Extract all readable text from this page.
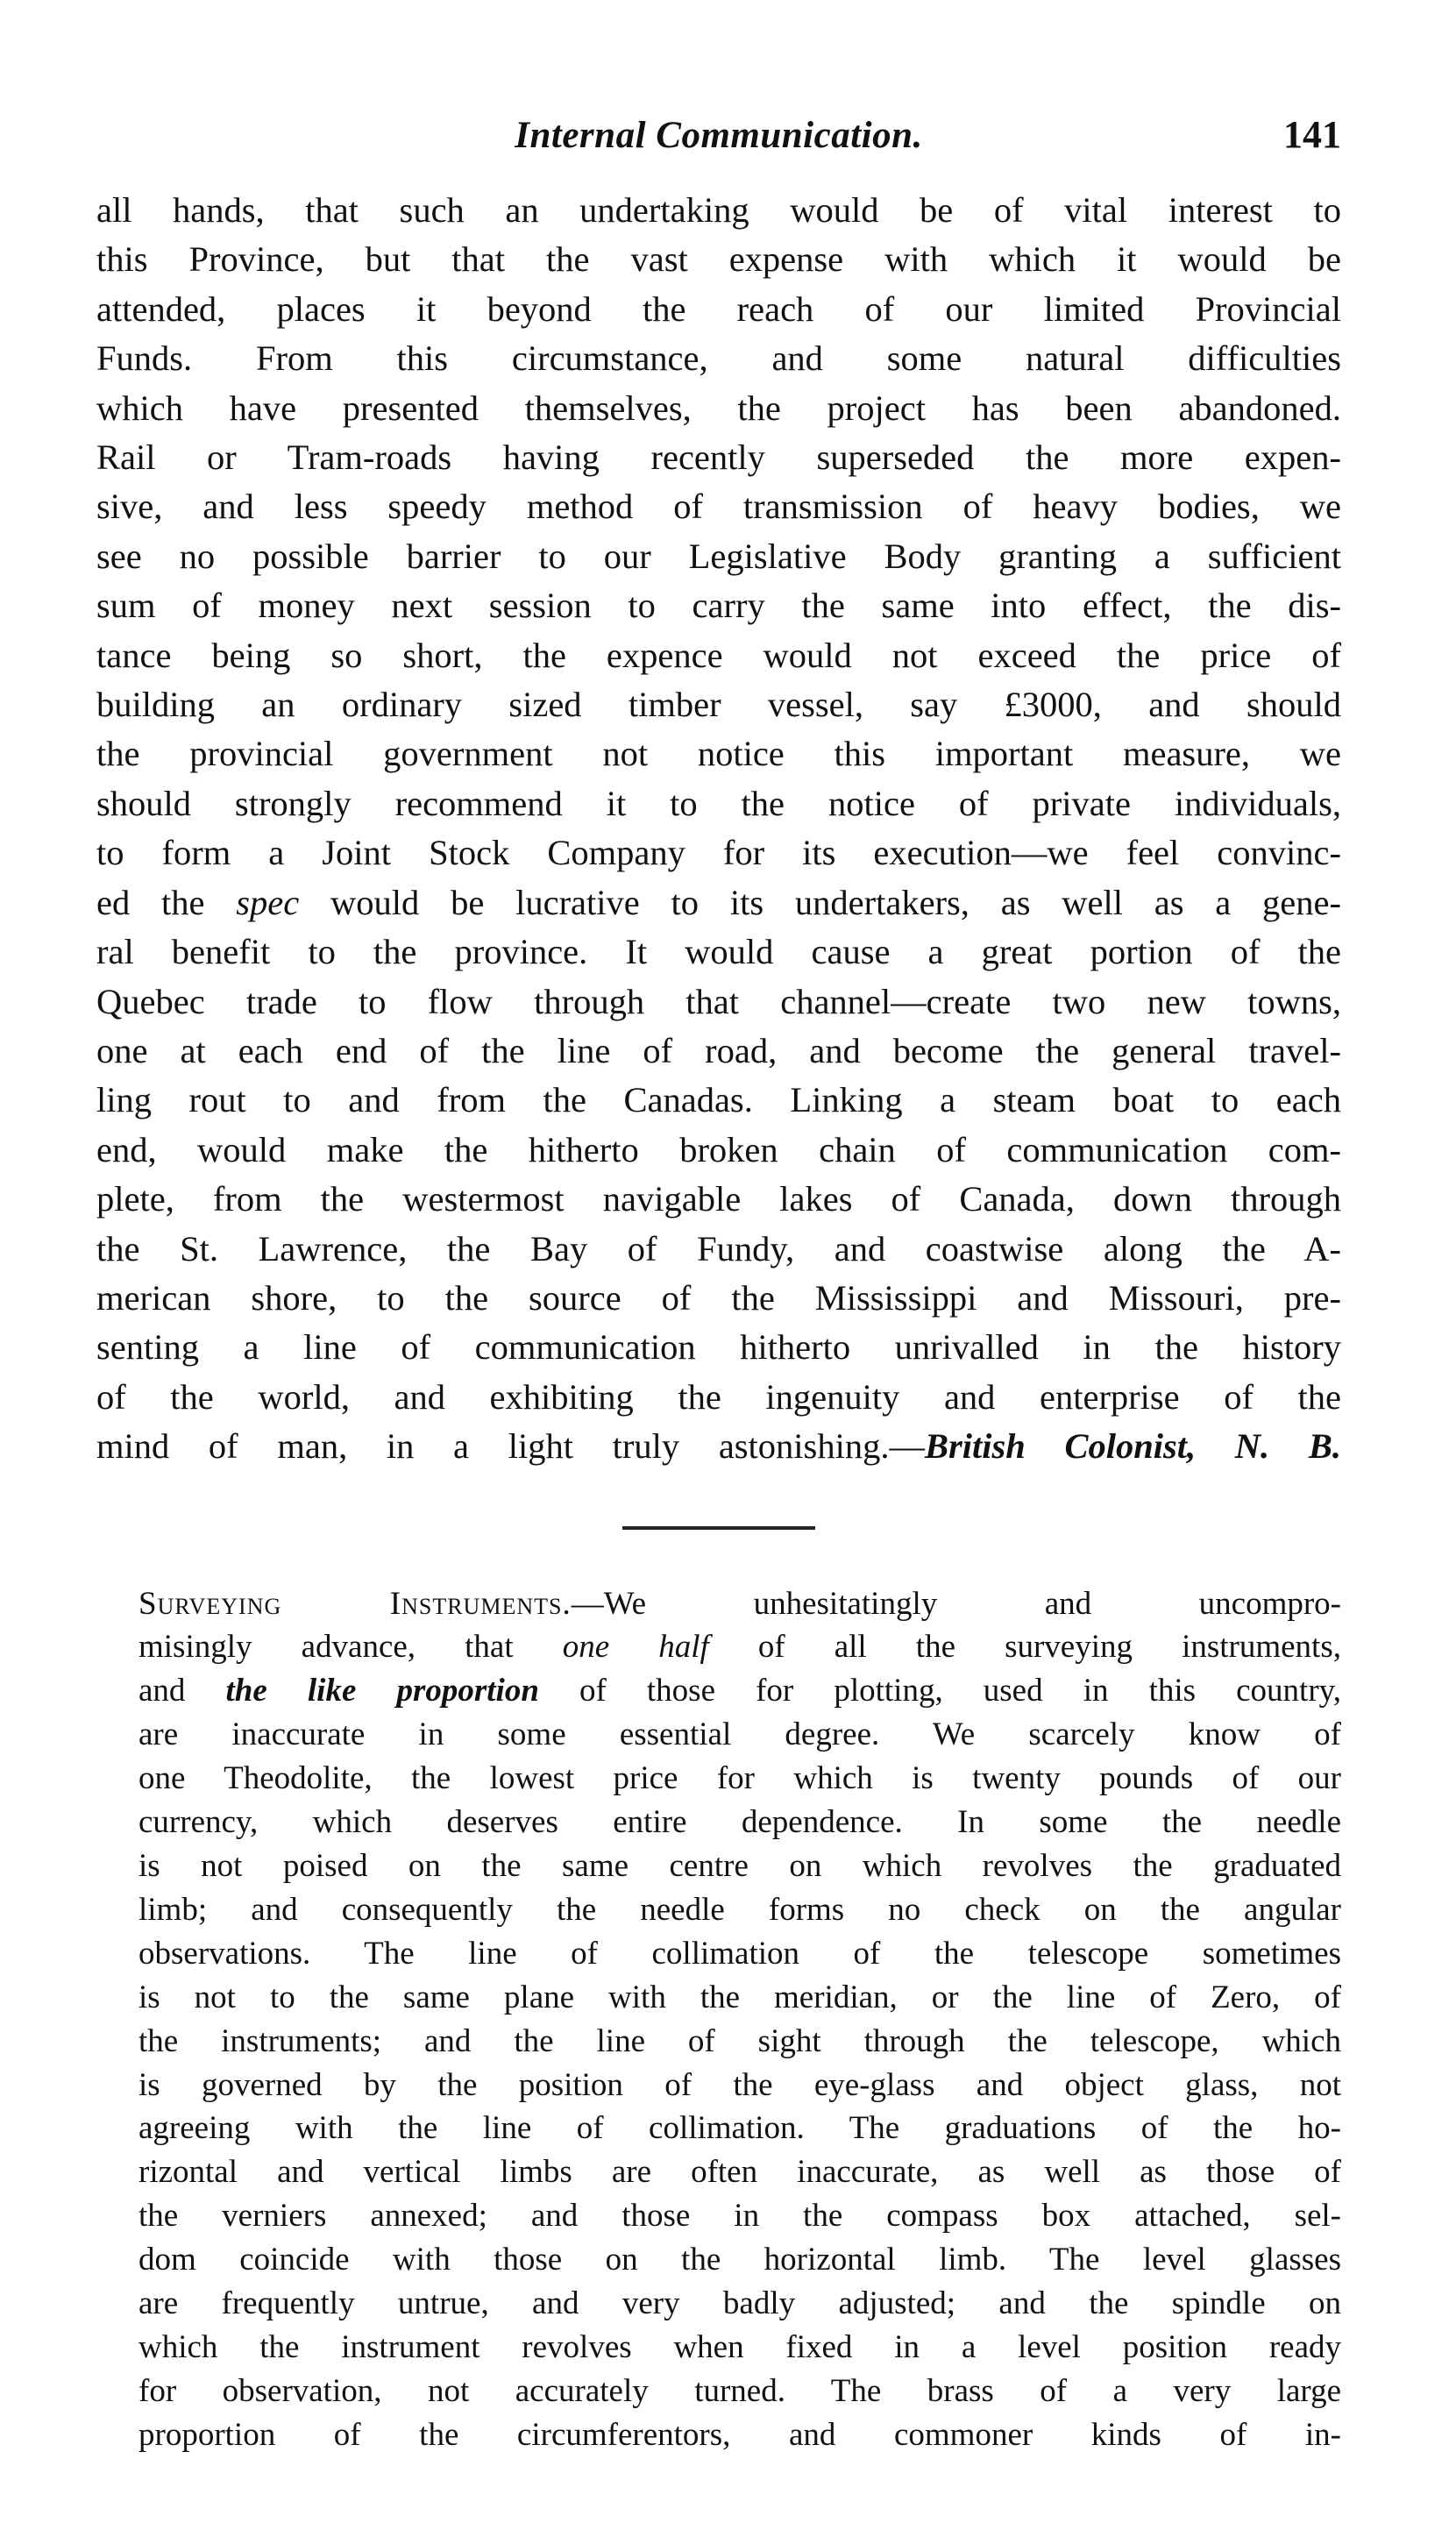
Internal Communication.	141
all hands, that such an undertaking would be of vital interest to
this Province, but that the vast expense with which it would be
attended, places it beyond the reach of our limited Provincial
Funds. From this circumstance, and some natural difficulties
which have presented themselves, the project has been abandoned.
Rail or Tram-roads having recently superseded the more expen-
sive, and less speedy method of transmission of heavy bodies, we
see no possible barrier to our Legislative Body granting a sufficient
sum of money next session to carry the same into effect, the dis-
tance being so short, the expence would not exceed the price of
building an ordinary sized timber vessel, say £3000, and should
the provincial government not notice this important measure, we
should strongly recommend it to the notice of private individuals,
to form a Joint Stock Company for its execution—we feel convinc-
ed the spec would be lucrative to its undertakers, as well as a gene-
ral benefit to the province. It would cause a great portion of the
Quebec trade to flow through that channel—create two new towns,
one at each end of the line of road, and become the general travel-
ling rout to and from the Canadas. Linking a steam boat to each
end, would make the hitherto broken chain of communication com-
plete, from the westermost navigable lakes of Canada, down through
the St. Lawrence, the Bay of Fundy, and coastwise along the A-
merican shore, to the source of the Mississippi and Missouri, pre-
senting a line of communication hitherto unrivalled in the history
of the world, and exhibiting the ingenuity and enterprise of the
mind of man, in a light truly astonishing.—British Colonist, N. B.
Surveying Instruments.—We unhesitatingly and uncompro-
misingly advance, that one half of all the surveying instruments,
and the like proportion of those for plotting, used in this country,
are inaccurate in some essential degree. We scarcely know of
one Theodolite, the lowest price for which is twenty pounds of our
currency, which deserves entire dependence. In some the needle
is not poised on the same centre on which revolves the graduated
limb; and consequently the needle forms no check on the angular
observations. The line of collimation of the telescope sometimes
is not to the same plane with the meridian, or the line of Zero, of
the instruments; and the line of sight through the telescope, which
is governed by the position of the eye-glass and object glass, not
agreeing with the line of collimation. The graduations of the ho-
rizontal and vertical limbs are often inaccurate, as well as those of
the verniers annexed; and those in the compass box attached, sel-
dom coincide with those on the horizontal limb. The level glasses
are frequently untrue, and very badly adjusted; and the spindle on
which the instrument revolves when fixed in a level position ready
for observation, not accurately turned. The brass of a very large
proportion of the circumferentors, and commoner kinds of in-
